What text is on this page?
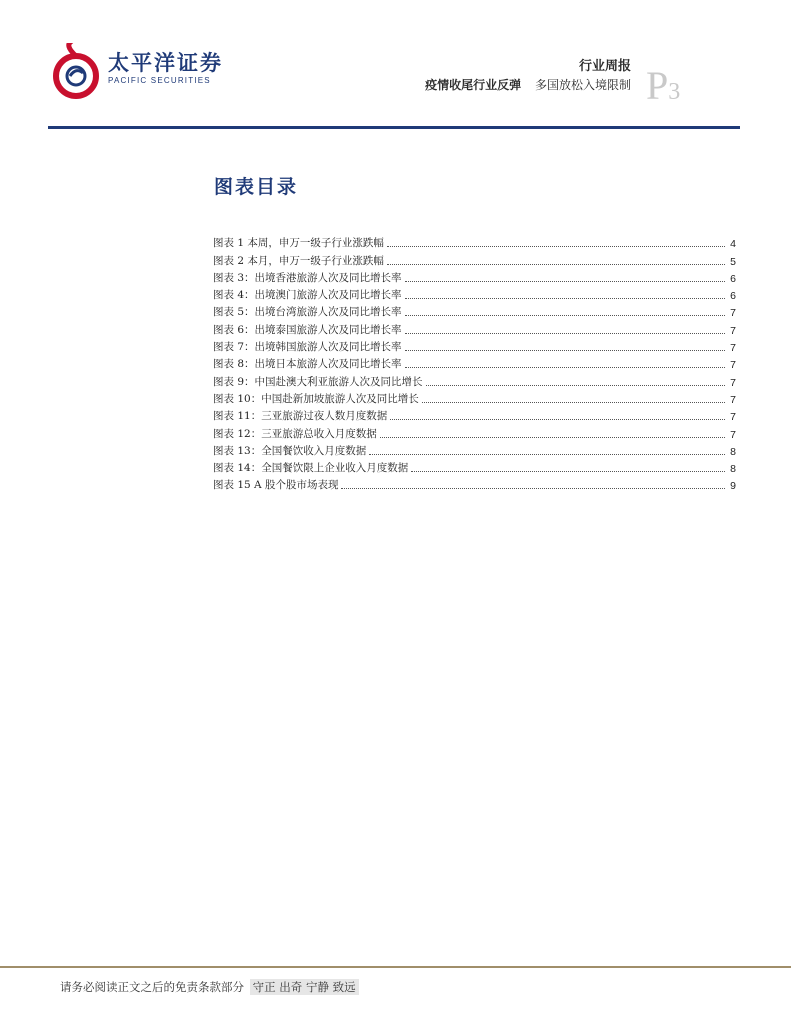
太平洋证券
PACIFIC SECURITIES
行业周报
疫情收尾行业反弹 多国放松入境限制 P3
图表目录
图表 1 本周，申万一级子行业涨跌幅	4
图表 2 本月，申万一级子行业涨跌幅	5
图表 3：出境香港旅游人次及同比增长率	6
图表 4：出境澳门旅游人次及同比增长率	6
图表 5：出境台湾旅游人次及同比增长率	7
图表 6：出境泰国旅游人次及同比增长率	7
图表 7：出境韩国旅游人次及同比增长率	7
图表 8：出境日本旅游人次及同比增长率	7
图表 9：中国赴澳大利亚旅游人次及同比增长	7
图表 10：中国赴新加坡旅游人次及同比增长	7
图表 11：三亚旅游过夜人数月度数据	7
图表 12：三亚旅游总收入月度数据	7
图表 13：全国餐饮收入月度数据	8
图表 14：全国餐饮限上企业收入月度数据	8
图表 15 A 股个股市场表现	9
请务必阅读正文之后的免责条款部分 守正 出奇 宁静 致远
